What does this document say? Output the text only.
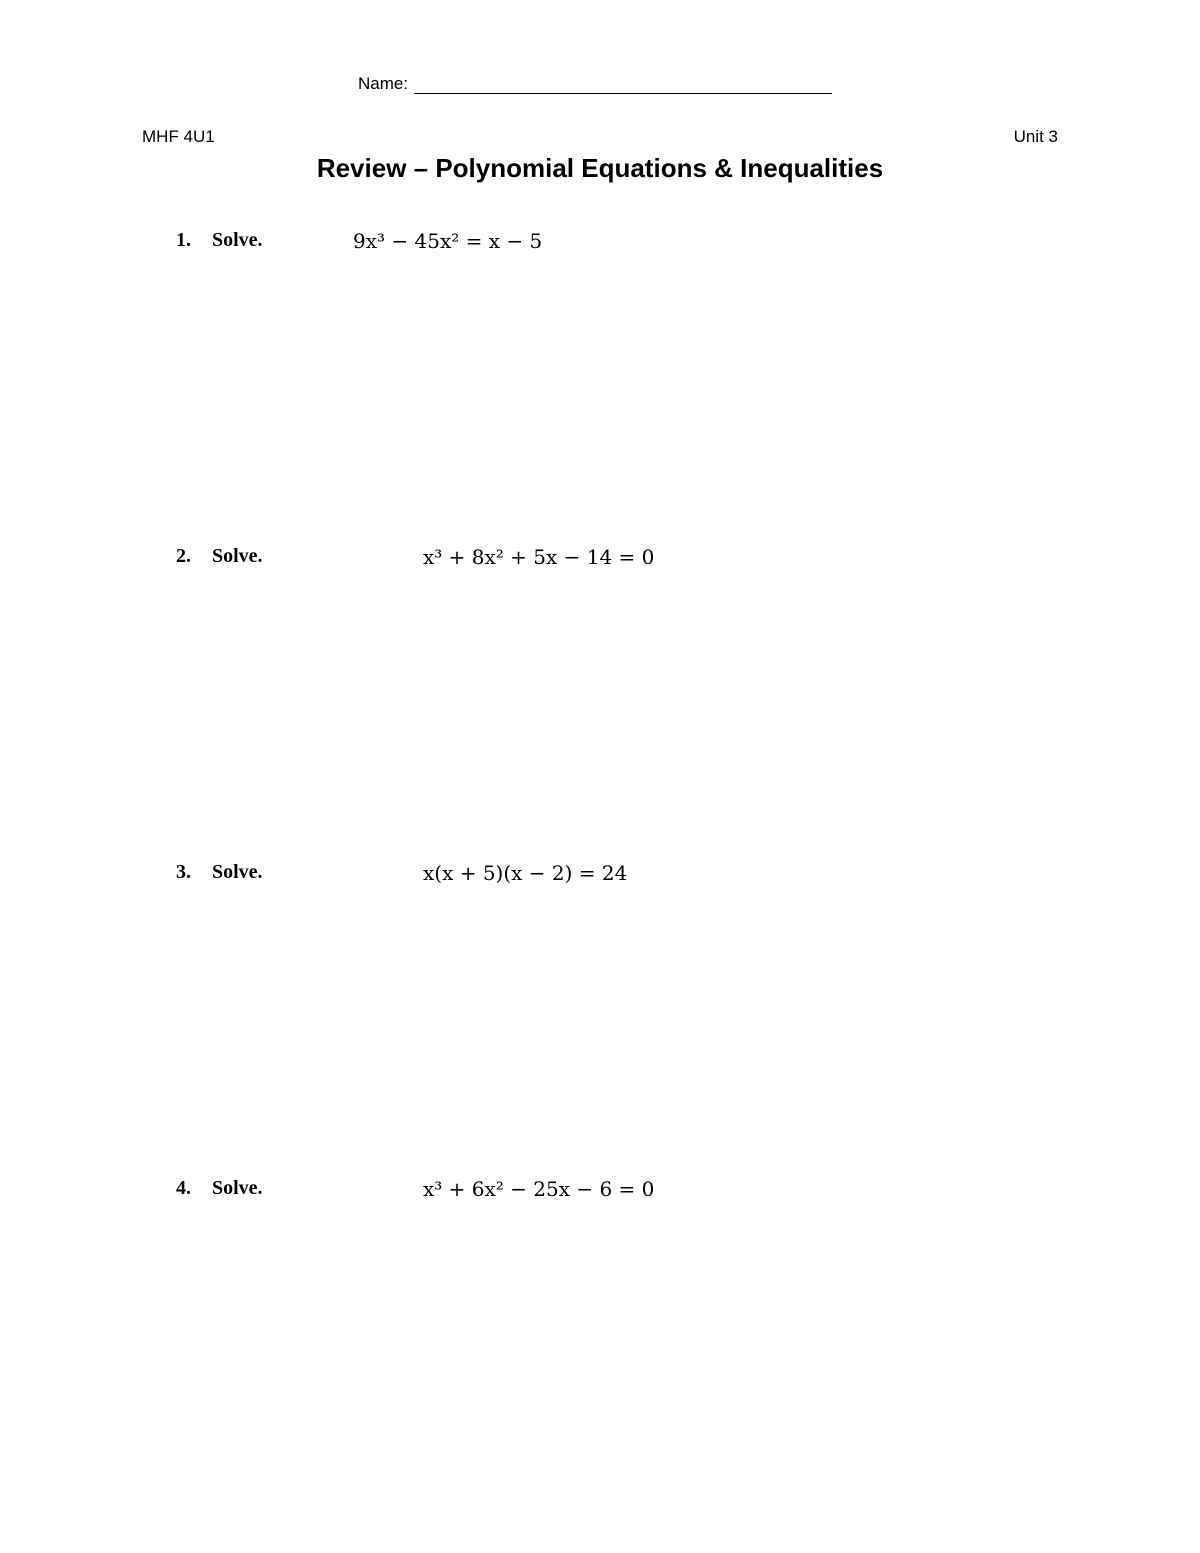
Name:
MHF 4U1	Unit 3
Review – Polynomial Equations & Inequalities
1.	Solve.	9x³ − 45x² = x − 5
2.	Solve.	x³ + 8x² + 5x − 14 = 0
3.	Solve.	x(x + 5)(x − 2) = 24
4.	Solve.	x³ + 6x² − 25x − 6 = 0
